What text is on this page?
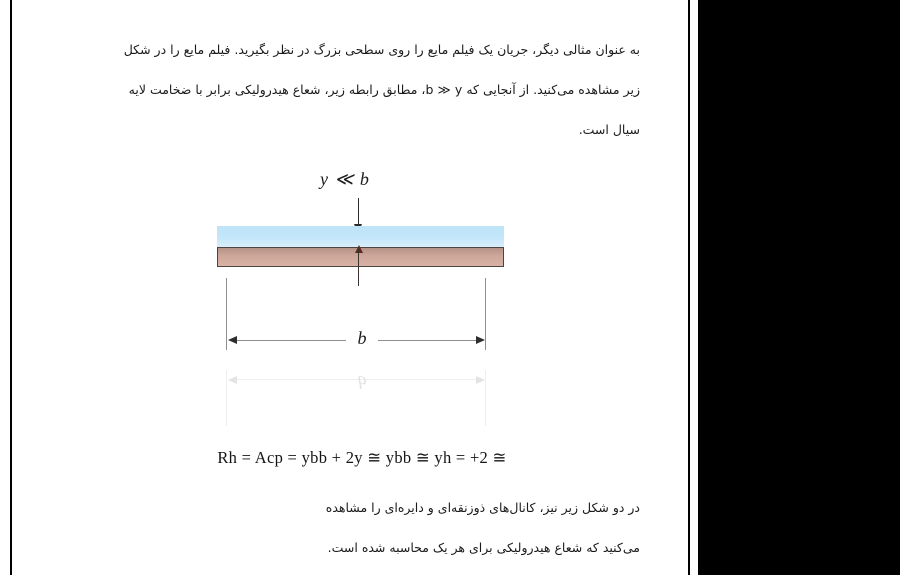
به عنوان مثالی دیگر، جریان یک فیلم مایع را روی سطحی بزرگ در نظر بگیرید. فیلم مایع را در شکل زیر مشاهده می‌کنید. از آنجایی که b ≫ y، مطابق رابطه زیر، شعاع هیدرولیکی برابر با ضخامت لایه سیال است.
y ≪ b
b
b
Rh = Acp = ybb + 2y ≅ ybb ≅ yh = +2 ≅
در دو شکل زیر نیز، کانال‌های ذوزنقه‌ای و دایره‌ای را مشاهده می‌کنید که شعاع هیدرولیکی برای هر یک محاسبه شده است.
